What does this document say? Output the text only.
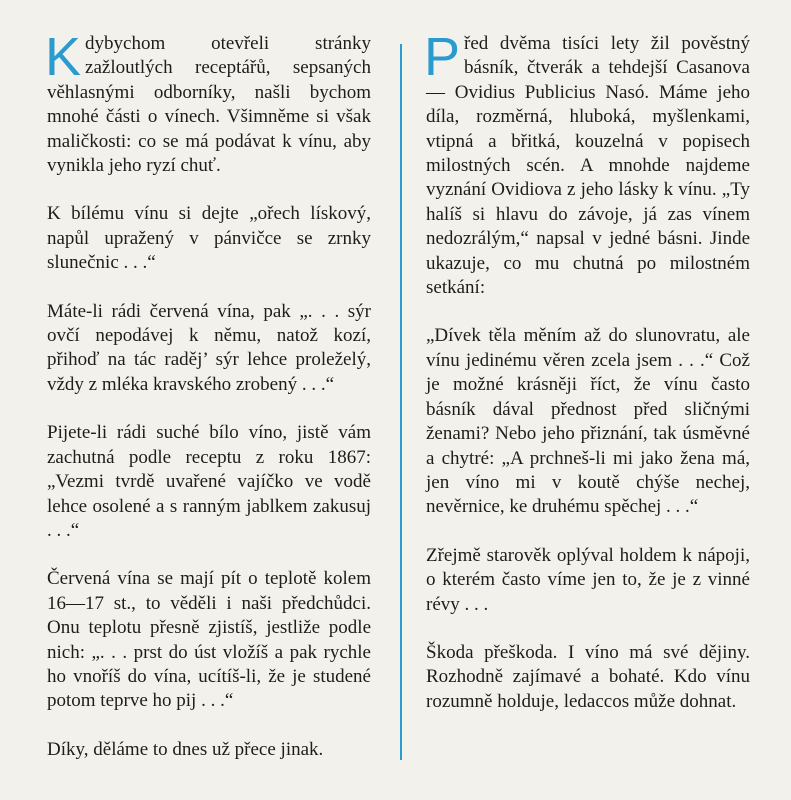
Kdybychom otevřeli stránky zažloutlých receptářů, sepsaných věhlasnými odborníky, našli bychom mnohé části o vínech. Všimněme si však maličkosti: co se má podávat k vínu, aby vynikla jeho ryzí chuť.

K bílému vínu si dejte „ořech lískový, napůl upražený v pánvičce se zrnky slunečnic . . .“

Máte-li rádi červená vína, pak „. . . sýr ovčí nepodávej k němu, natož kozí, přihoď na tác raděj’ sýr lehce proleželý, vždy z mléka kravského zrobený . . .“

Pijete-li rádi suché bílo víno, jistě vám zachutná podle receptu z roku 1867: „Vezmi tvrdě uvařené vajíčko ve vodě lehce osolené a s ranným jablkem zakusuj . . .“

Červená vína se mají pít o teplotě kolem 16—17 st., to věděli i naši předchůdci. Onu teplotu přesně zjistíš, jestliže podle nich: „. . . prst do úst vložíš a pak rychle ho vnoříš do vína, ucítíš-li, že je studené potom teprve ho pij . . .“

Díky, děláme to dnes už přece jinak.

Před dvěma tisíci lety žil pověstný básník, čtverák a tehdejší Casanova — Ovidius Publicius Nasó. Máme jeho díla, rozměrná, hluboká, myšlenkami, vtipná a břitká, kouzelná v popisech milostných scén. A mnohde najdeme vyznání Ovidiova z jeho lásky k vínu. „Ty halíš si hlavu do závoje, já zas vínem nedozrálým,“ napsal v jedné básni. Jinde ukazuje, co mu chutná po milostném setkání:

„Dívek těla měním až do slunovratu, ale vínu jedinému věren zcela jsem . . .“ Což je možné krásněji říct, že vínu často básník dával přednost před sličnými ženami? Nebo jeho přiznání, tak úsměvné a chytré: „A prchneš-li mi jako žena má, jen víno mi v koutě chýše nechej, nevěrnice, ke druhému spěchej . . .“

Zřejmě starověk oplýval holdem k nápoji, o kterém často víme jen to, že je z vinné révy . . .

Škoda přeškoda. I víno má své dějiny. Rozhodně zajímavé a bohaté. Kdo vínu rozumně holduje, ledaccos může dohnat.
